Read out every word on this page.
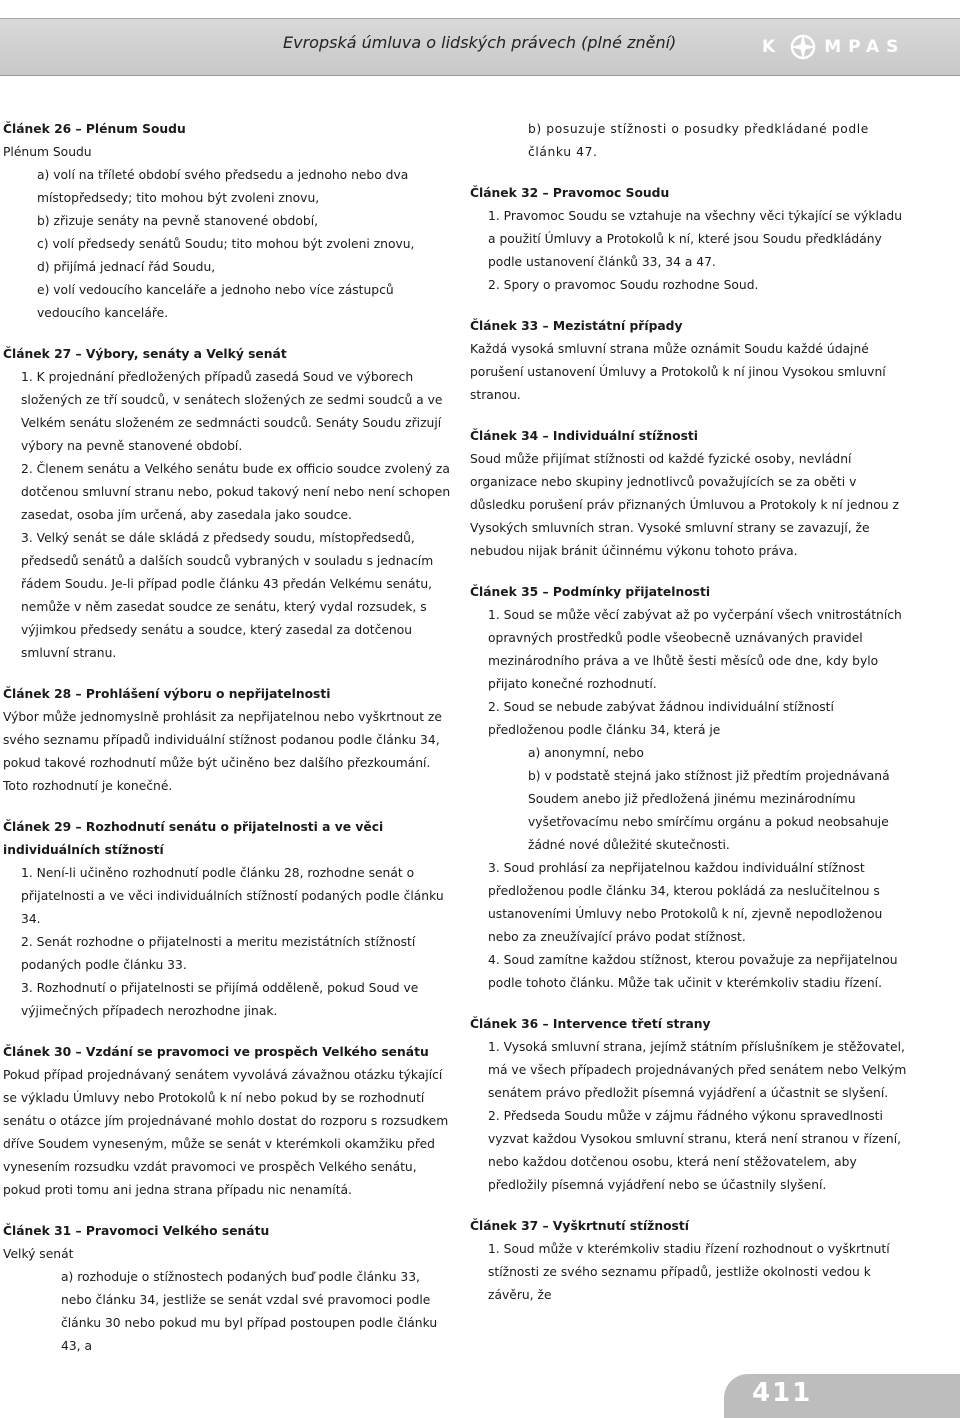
Evropská úmluva o lidských právech (plné znění)	K MPAS

Článek 26 – Plénum Soudu

Plénum Soudu

a) volí na tříleté období svého předsedu a jednoho nebo dva místopředsedy; tito mohou být zvoleni znovu,

b) zřizuje senáty na pevně stanovené období,

c) volí předsedy senátů Soudu; tito mohou být zvoleni znovu,

d) přijímá jednací řád Soudu,

e) volí vedoucího kanceláře a jednoho nebo více zástupců vedoucího kanceláře.

Článek 27 – Výbory, senáty a Velký senát

1. K projednání předložených případů zasedá Soud ve výborech složených ze tří soudců, v senátech složených ze sedmi soudců a ve Velkém senátu složeném ze sedmnácti soudců. Senáty Soudu zřizují výbory na pevně stanovené období.

2. Členem senátu a Velkého senátu bude ex officio soudce zvolený za dotčenou smluvní stranu nebo, pokud takový není nebo není schopen zasedat, osoba jím určená, aby zasedala jako soudce.

3. Velký senát se dále skládá z předsedy soudu, místopředsedů, předsedů senátů a dalších soudců vybraných v souladu s jednacím řádem Soudu. Je-li případ podle článku 43 předán Velkému senátu, nemůže v něm zasedat soudce ze senátu, který vydal rozsudek, s výjimkou předsedy senátu a soudce, který zasedal za dotčenou smluvní stranu.

Článek 28 – Prohlášení výboru o nepřijatelnosti

Výbor může jednomyslně prohlásit za nepřijatelnou nebo vyškrtnout ze svého seznamu případů individuální stížnost podanou podle článku 34, pokud takové rozhodnutí může být učiněno bez dalšího přezkoumání. Toto rozhodnutí je konečné.

Článek 29 – Rozhodnutí senátu o přijatelnosti a ve věci individuálních stížností

1. Není-li učiněno rozhodnutí podle článku 28, rozhodne senát o přijatelnosti a ve věci individuálních stížností podaných podle článku 34.

2. Senát rozhodne o přijatelnosti a meritu mezistátních stížností podaných podle článku 33.

3. Rozhodnutí o přijatelnosti se přijímá odděleně, pokud Soud ve výjimečných případech nerozhodne jinak.

Článek 30 – Vzdání se pravomoci ve prospěch Velkého senátu

Pokud případ projednávaný senátem vyvolává závažnou otázku týkající se výkladu Úmluvy nebo Protokolů k ní nebo pokud by se rozhodnutí senátu o otázce jím projednávané mohlo dostat do rozporu s rozsudkem dříve Soudem vyneseným, může se senát v kterémkoli okamžiku před vynesením rozsudku vzdát pravomoci ve prospěch Velkého senátu, pokud proti tomu ani jedna strana případu nic nenamítá.

Článek 31 – Pravomoci Velkého senátu

Velký senát

a) rozhoduje o stížnostech podaných buď podle článku 33, nebo článku 34, jestliže se senát vzdal své pravomoci podle článku 30 nebo pokud mu byl případ postoupen podle článku 43, a

b) posuzuje stížnosti o posudky předkládané podle článku 47.

Článek 32 – Pravomoc Soudu

1. Pravomoc Soudu se vztahuje na všechny věci týkající se výkladu a použití Úmluvy a Protokolů k ní, které jsou Soudu předkládány podle ustanovení článků 33, 34 a 47.

2. Spory o pravomoc Soudu rozhodne Soud.

Článek 33 – Mezistátní případy

Každá vysoká smluvní strana může oznámit Soudu každé údajné porušení ustanovení Úmluvy a Protokolů k ní jinou Vysokou smluvní stranou.

Článek 34 – Individuální stížnosti

Soud může přijímat stížnosti od každé fyzické osoby, nevládní organizace nebo skupiny jednotlivců považujících se za oběti v důsledku porušení práv přiznaných Úmluvou a Protokoly k ní jednou z Vysokých smluvních stran. Vysoké smluvní strany se zavazují, že nebudou nijak bránit účinnému výkonu tohoto práva.

Článek 35 – Podmínky přijatelnosti

1. Soud se může věcí zabývat až po vyčerpání všech vnitrostátních opravných prostředků podle všeobecně uznávaných pravidel mezinárodního práva a ve lhůtě šesti měsíců ode dne, kdy bylo přijato konečné rozhodnutí.

2. Soud se nebude zabývat žádnou individuální stížností předloženou podle článku 34, která je

a) anonymní, nebo

b) v podstatě stejná jako stížnost již předtím projednávaná Soudem anebo již předložená jinému mezinárodnímu vyšetřovacímu nebo smírčímu orgánu a pokud neobsahuje žádné nové důležité skutečnosti.

3. Soud prohlásí za nepřijatelnou každou individuální stížnost předloženou podle článku 34, kterou pokládá za neslučitelnou s ustanoveními Úmluvy nebo Protokolů k ní, zjevně nepodloženou nebo za zneužívající právo podat stížnost.

4. Soud zamítne každou stížnost, kterou považuje za nepřijatelnou podle tohoto článku. Může tak učinit v kterémkoliv stadiu řízení.

Článek 36 – Intervence třetí strany

1. Vysoká smluvní strana, jejímž státním příslušníkem je stěžovatel, má ve všech případech projednávaných před senátem nebo Velkým senátem právo předložit písemná vyjádření a účastnit se slyšení.

2. Předseda Soudu může v zájmu řádného výkonu spravedlnosti vyzvat každou Vysokou smluvní stranu, která není stranou v řízení, nebo každou dotčenou osobu, která není stěžovatelem, aby předložily písemná vyjádření nebo se účastnily slyšení.

Článek 37 – Vyškrtnutí stížností

1. Soud může v kterémkoliv stadiu řízení rozhodnout o vyškrtnutí stížnosti ze svého seznamu případů, jestliže okolnosti vedou k závěru, že

411
